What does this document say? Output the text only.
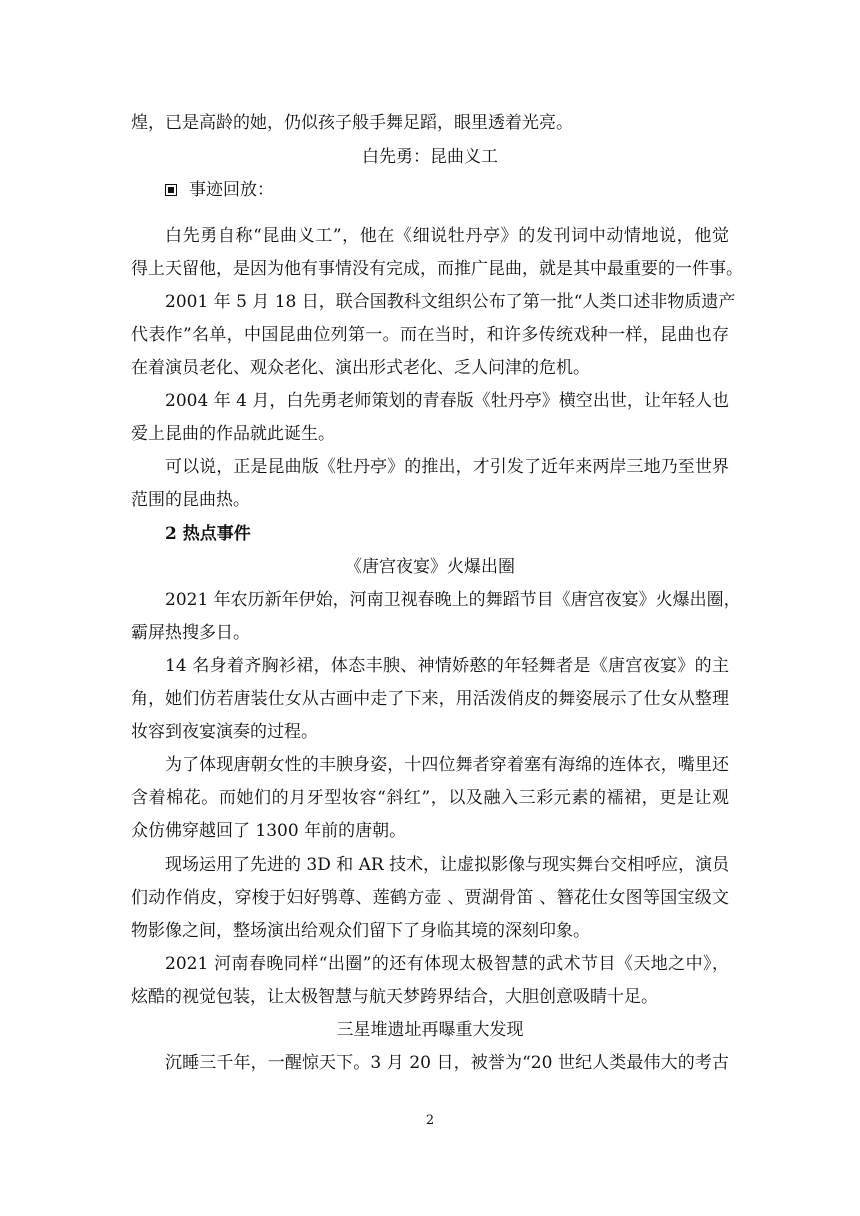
煌，已是高龄的她，仍似孩子般手舞足蹈，眼里透着光亮。
白先勇：昆曲义工
事迹回放：
白先勇自称“昆曲义工”，他在《细说牡丹亭》的发刊词中动情地说，他觉
得上天留他，是因为他有事情没有完成，而推广昆曲，就是其中最重要的一件事。
2001 年 5 月 18 日，联合国教科文组织公布了第一批“人类口述非物质遗产
代表作”名单，中国昆曲位列第一。而在当时，和许多传统戏种一样，昆曲也存
在着演员老化、观众老化、演出形式老化、乏人问津的危机。
2004 年 4 月，白先勇老师策划的青春版《牡丹亭》横空出世，让年轻人也
爱上昆曲的作品就此诞生。
可以说，正是昆曲版《牡丹亭》的推出，才引发了近年来两岸三地乃至世界
范围的昆曲热。
2 热点事件
《唐宫夜宴》火爆出圈
2021 年农历新年伊始，河南卫视春晚上的舞蹈节目《唐宫夜宴》火爆出圈，
霸屏热搜多日。
14 名身着齐胸衫裙，体态丰腴、神情娇憨的年轻舞者是《唐宫夜宴》的主
角，她们仿若唐装仕女从古画中走了下来，用活泼俏皮的舞姿展示了仕女从整理
妆容到夜宴演奏的过程。
为了体现唐朝女性的丰腴身姿，十四位舞者穿着塞有海绵的连体衣，嘴里还
含着棉花。而她们的月牙型妆容“斜红”，以及融入三彩元素的襦裙，更是让观
众仿佛穿越回了 1300 年前的唐朝。
现场运用了先进的 3D 和 AR 技术，让虚拟影像与现实舞台交相呼应，演员
们动作俏皮，穿梭于妇好鸮尊、莲鹤方壶 、贾湖骨笛 、簪花仕女图等国宝级文
物影像之间，整场演出给观众们留下了身临其境的深刻印象。
2021 河南春晚同样“出圈”的还有体现太极智慧的武术节目《天地之中》，
炫酷的视觉包装，让太极智慧与航天梦跨界结合，大胆创意吸睛十足。
三星堆遗址再曝重大发现
沉睡三千年，一醒惊天下。3 月 20 日，被誉为“20 世纪人类最伟大的考古
2
